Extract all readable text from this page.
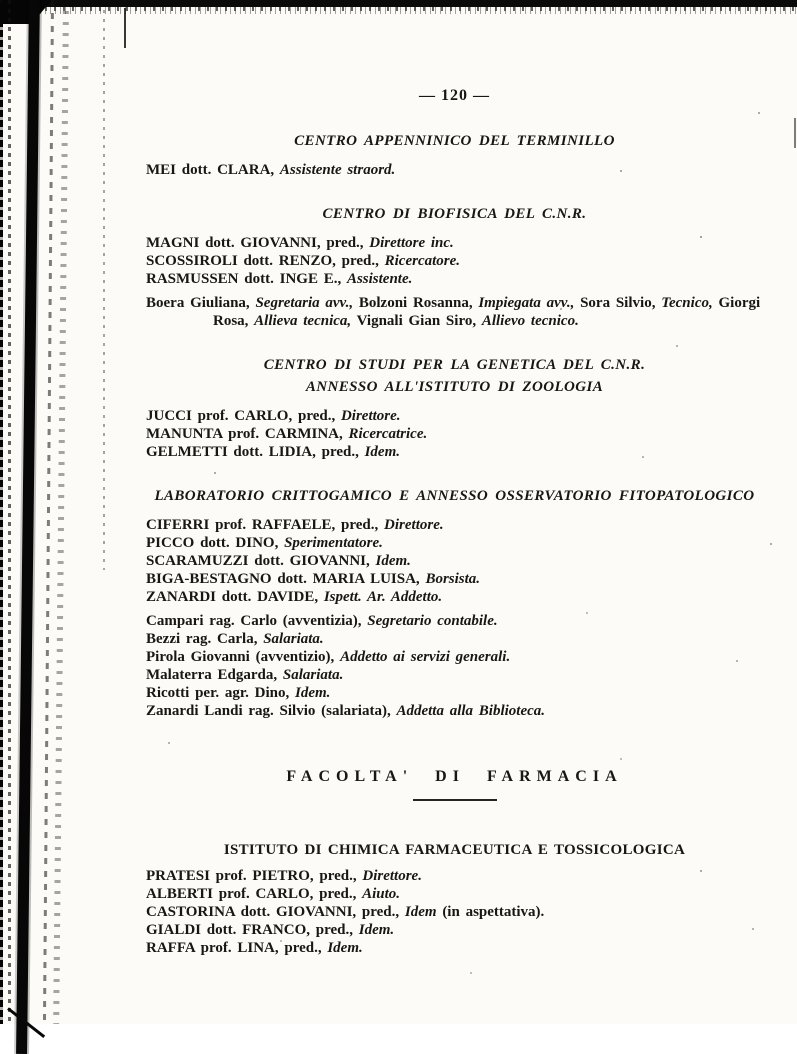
— 120 —
CENTRO APPENNINICO DEL TERMINILLO

MEI dott. CLARA, Assistente straord.

CENTRO DI BIOFISICA DEL C.N.R.

MAGNI dott. GIOVANNI, pred., Direttore inc.

SCOSSIROLI dott. RENZO, pred., Ricercatore.

RASMUSSEN dott. INGE E., Assistente.

Boera Giuliana, Segretaria avv., Bolzoni Rosanna, Impiegata avv., Sora Silvio, Tecnico, Giorgi
Rosa, Allieva tecnica, Vignali Gian Siro, Allievo tecnico.

CENTRO DI STUDI PER LA GENETICA DEL C.N.R.
ANNESSO ALL'ISTITUTO DI ZOOLOGIA

JUCCI prof. CARLO, pred., Direttore.

MANUNTA prof. CARMINA, Ricercatrice.

GELMETTI dott. LIDIA, pred., Idem.

LABORATORIO CRITTOGAMICO E ANNESSO OSSERVATORIO FITOPATOLOGICO

CIFERRI prof. RAFFAELE, pred., Direttore.

PICCO dott. DINO, Sperimentatore.

SCARAMUZZI dott. GIOVANNI, Idem.

BIGA-BESTAGNO dott. MARIA LUISA, Borsista.

ZANARDI dott. DAVIDE, Ispett. Ar. Addetto.

Campari rag. Carlo (avventizia), Segretario contabile.

Bezzi rag. Carla, Salariata.

Pirola Giovanni (avventizio), Addetto ai servizi generali.

Malaterra Edgarda, Salariata.

Ricotti per. agr. Dino, Idem.

Zanardi Landi rag. Silvio (salariata), Addetta alla Biblioteca.

FACOLTA' DI FARMACIA
ISTITUTO DI CHIMICA FARMACEUTICA E TOSSICOLOGICA

PRATESI prof. PIETRO, pred., Direttore.

ALBERTI prof. CARLO, pred., Aiuto.

CASTORINA dott. GIOVANNI, pred., Idem (in aspettativa).

GIALDI dott. FRANCO, pred., Idem.

RAFFA prof. LINA, pred., Idem.
